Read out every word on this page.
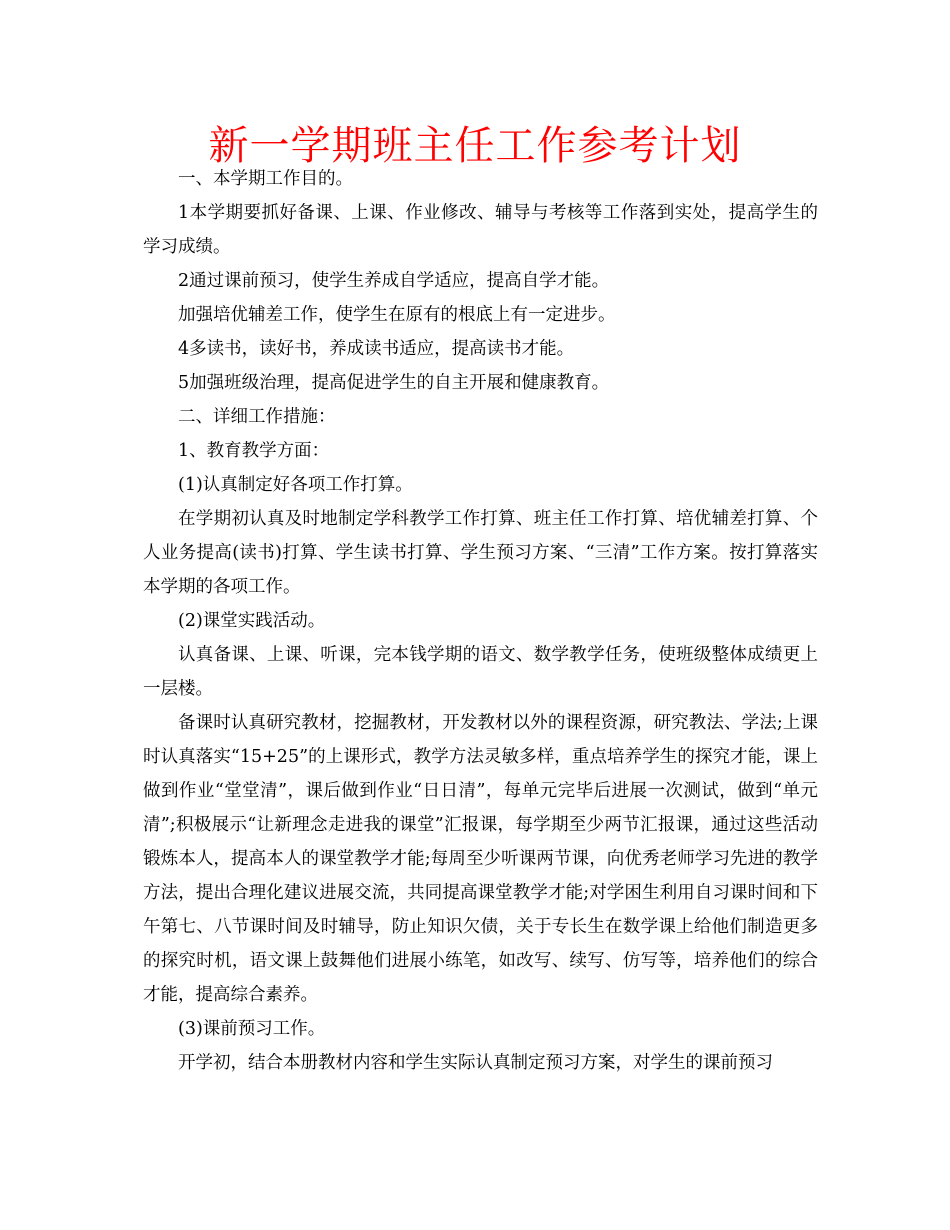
新一学期班主任工作参考计划

一、本学期工作目的。

1本学期要抓好备课、上课、作业修改、辅导与考核等工作落到实处，提高学生的学习成绩。

2通过课前预习，使学生养成自学适应，提高自学才能。

加强培优辅差工作，使学生在原有的根底上有一定进步。

4多读书，读好书，养成读书适应，提高读书才能。

5加强班级治理，提高促进学生的自主开展和健康教育。

二、详细工作措施：

1、教育教学方面：

(1)认真制定好各项工作打算。

在学期初认真及时地制定学科教学工作打算、班主任工作打算、培优辅差打算、个人业务提高(读书)打算、学生读书打算、学生预习方案、“三清”工作方案。按打算落实本学期的各项工作。

(2)课堂实践活动。

认真备课、上课、听课，完本钱学期的语文、数学教学任务，使班级整体成绩更上一层楼。

备课时认真研究教材，挖掘教材，开发教材以外的课程资源，研究教法、学法;上课时认真落实“15+25”的上课形式，教学方法灵敏多样，重点培养学生的探究才能，课上做到作业“堂堂清”，课后做到作业“日日清”，每单元完毕后进展一次测试，做到“单元清”;积极展示“让新理念走进我的课堂”汇报课，每学期至少两节汇报课，通过这些活动锻炼本人，提高本人的课堂教学才能;每周至少听课两节课，向优秀老师学习先进的教学方法，提出合理化建议进展交流，共同提高课堂教学才能;对学困生利用自习课时间和下午第七、八节课时间及时辅导，防止知识欠债，关于专长生在数学课上给他们制造更多的探究时机，语文课上鼓舞他们进展小练笔，如改写、续写、仿写等，培养他们的综合才能，提高综合素养。

(3)课前预习工作。

开学初，结合本册教材内容和学生实际认真制定预习方案，对学生的课前预习
